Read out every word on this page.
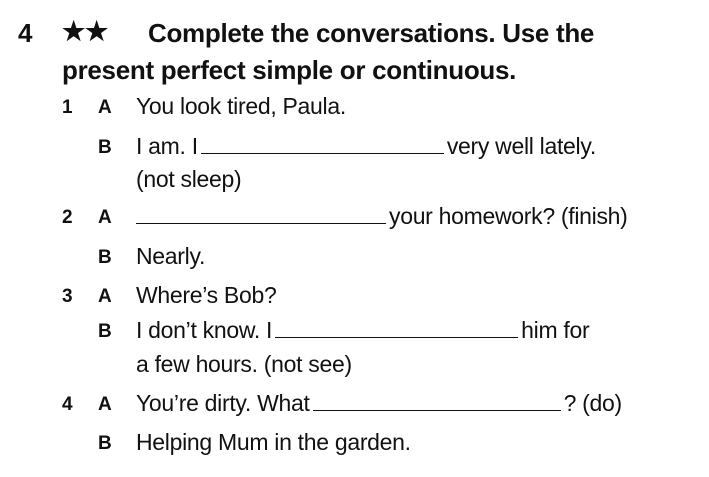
4 ★★ Complete the conversations. Use the
present perfect simple or continuous.
1 A You look tired, Paula.
B I am. I	very well lately.
(not sleep)
2 A	your homework? (finish)
B Nearly.
3 A Where’s Bob?
B I don’t know. I	him for
a few hours. (not see)
4 A You’re dirty. What	? (do)
B Helping Mum in the garden.
